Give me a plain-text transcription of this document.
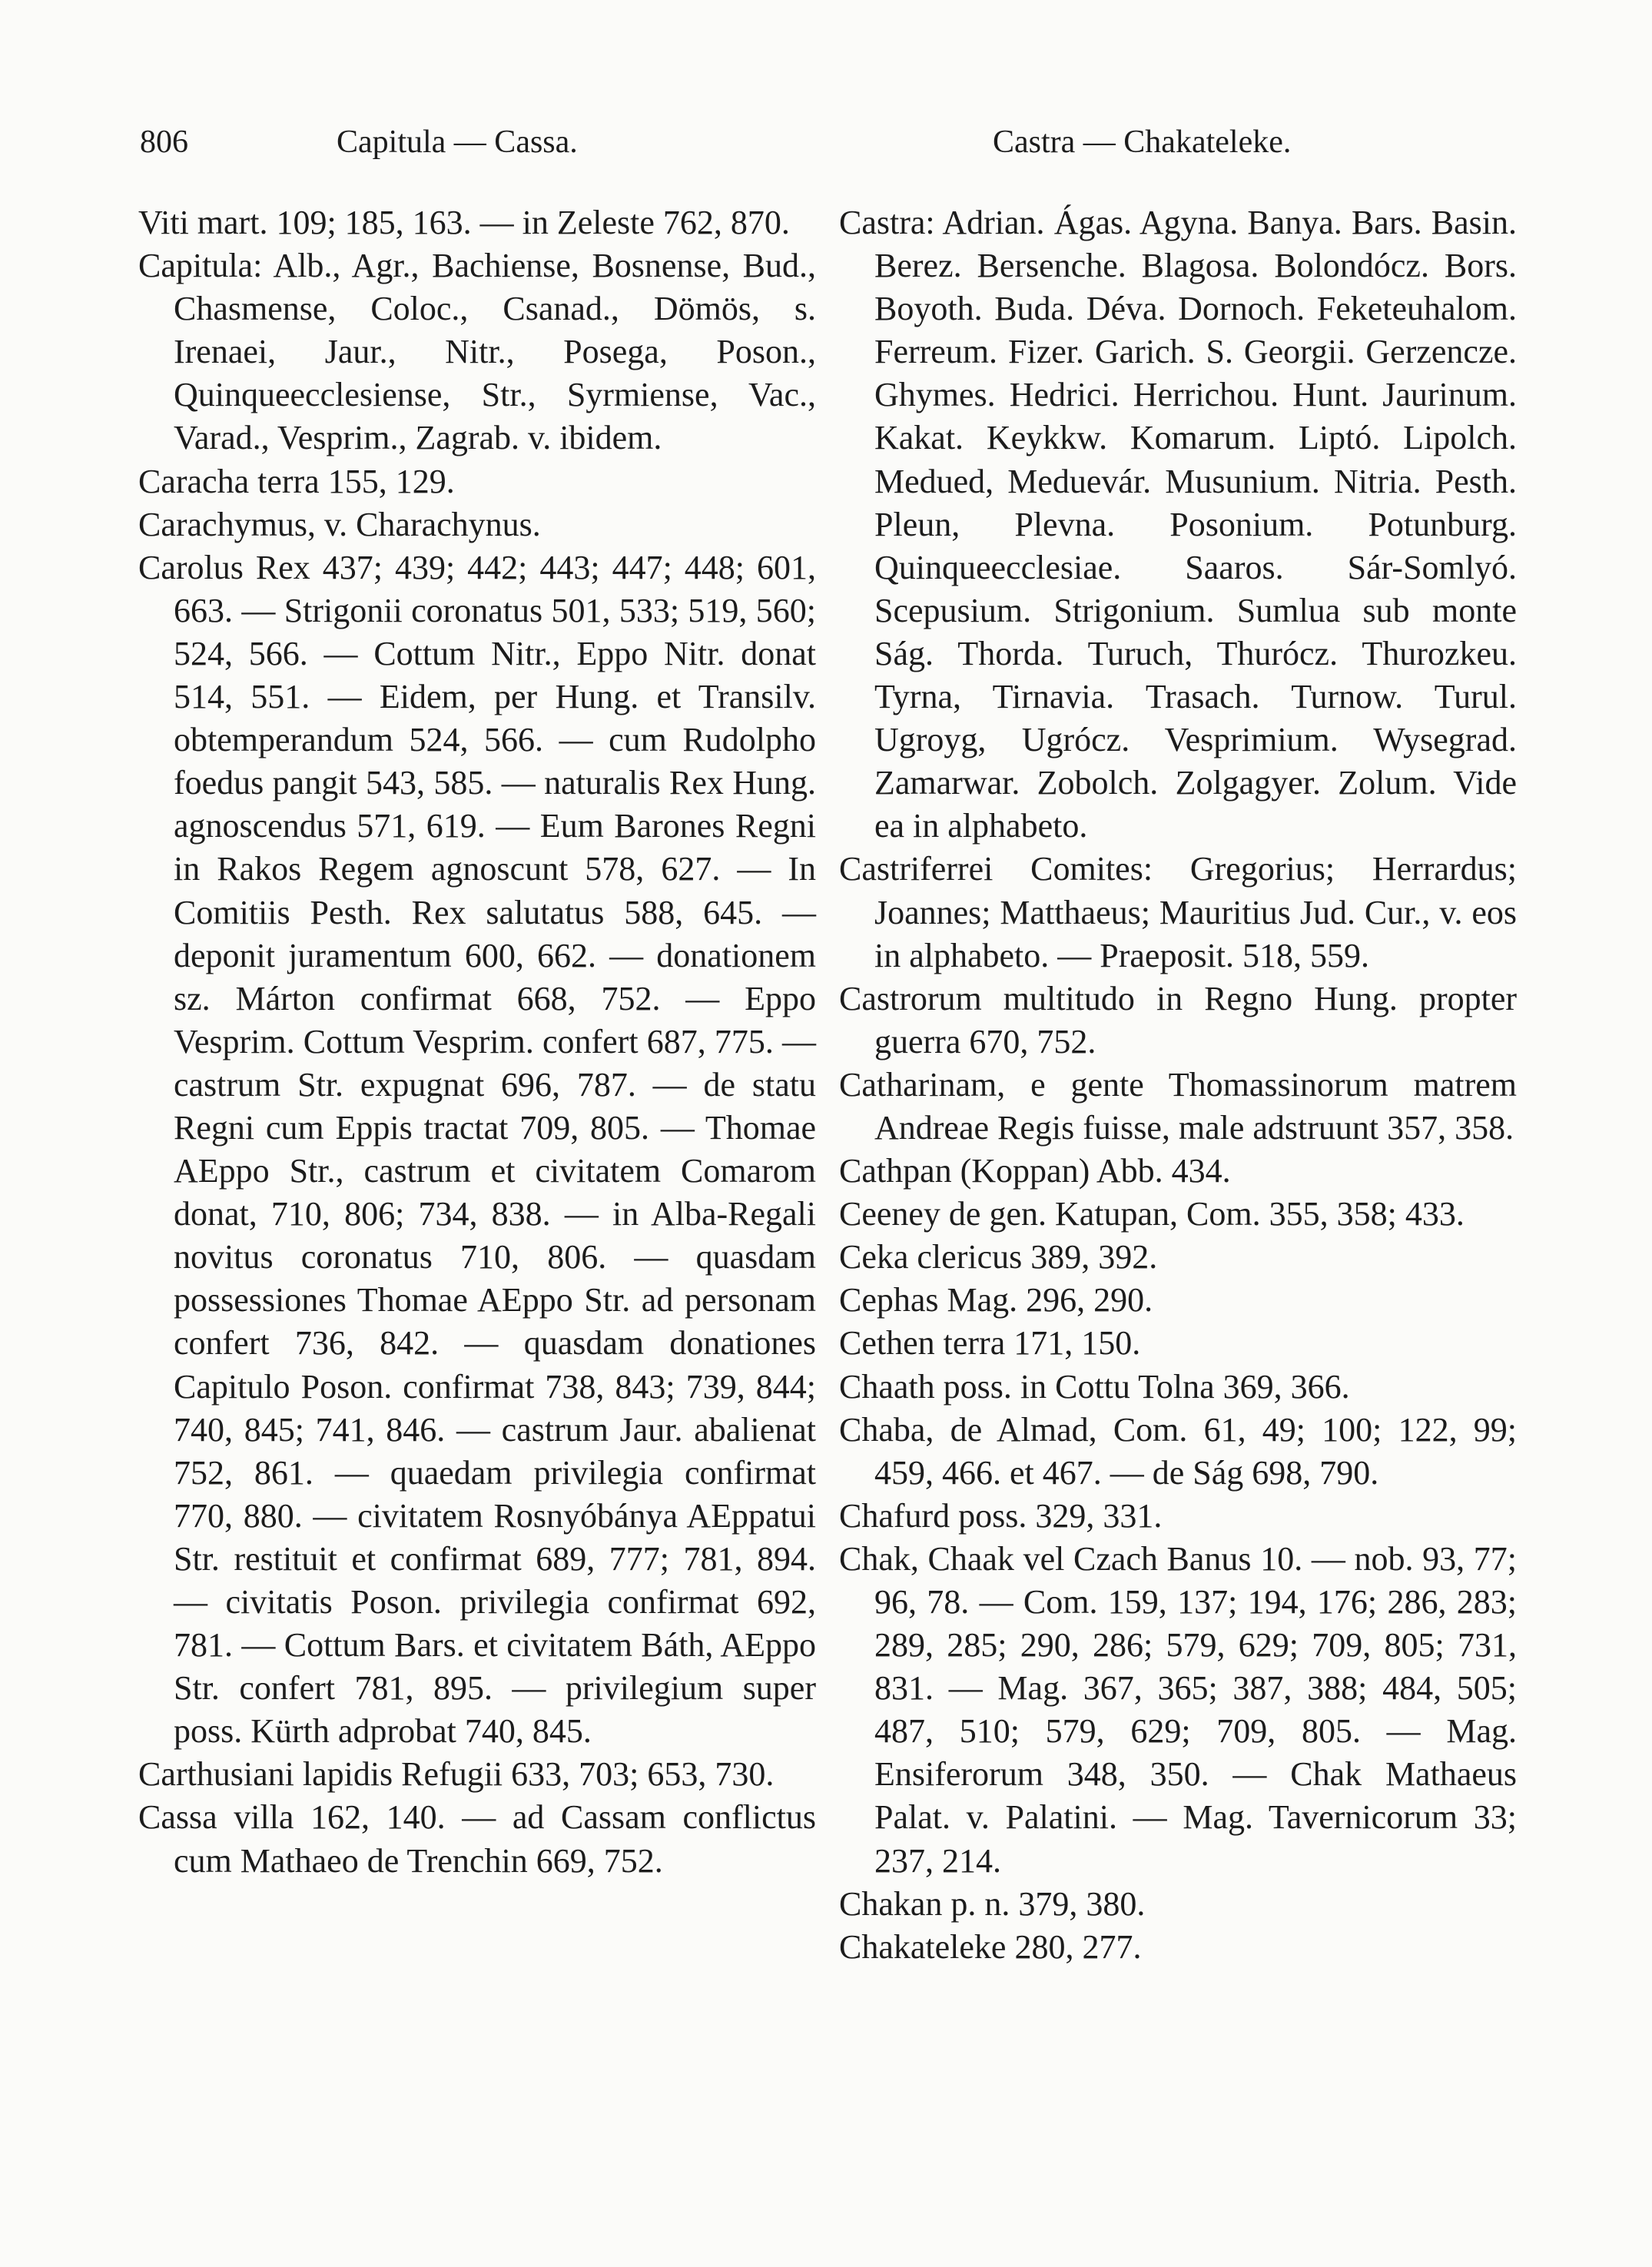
806	Capitula — Cassa.	Castra — Chakateleke.

Viti mart. 109; 185, 163. — in Zeleste 762, 870.

Capitula: Alb., Agr., Bachiense, Bosnense, Bud., Chasmense, Coloc., Csanad., Dömös, s. Irenaei, Jaur., Nitr., Posega, Poson., Quinqueecclesiense, Str., Syrmiense, Vac., Varad., Vesprim., Zagrab. v. ibidem.

Caracha terra 155, 129.

Carachymus, v. Charachynus.

Carolus Rex 437; 439; 442; 443; 447; 448; 601, 663. — Strigonii coronatus 501, 533; 519, 560; 524, 566. — Cottum Nitr., Eppo Nitr. donat 514, 551. — Eidem, per Hung. et Transilv. obtemperandum 524, 566. — cum Rudolpho foedus pangit 543, 585. — naturalis Rex Hung. agnoscendus 571, 619. — Eum Barones Regni in Rakos Regem agnoscunt 578, 627. — In Comitiis Pesth. Rex salutatus 588, 645. — deponit juramentum 600, 662. — donationem sz. Márton confirmat 668, 752. — Eppo Vesprim. Cottum Vesprim. confert 687, 775. — castrum Str. expugnat 696, 787. — de statu Regni cum Eppis tractat 709, 805. — Thomae AEppo Str., castrum et civitatem Comarom donat, 710, 806; 734, 838. — in Alba-Regali novitus coronatus 710, 806. — quasdam possessiones Thomae AEppo Str. ad personam confert 736, 842. — quasdam donationes Capitulo Poson. confirmat 738, 843; 739, 844; 740, 845; 741, 846. — castrum Jaur. abalienat 752, 861. — quaedam privilegia confirmat 770, 880. — civitatem Rosnyóbánya AEppatui Str. restituit et confirmat 689, 777; 781, 894. — civitatis Poson. privilegia confirmat 692, 781. — Cottum Bars. et civitatem Báth, AEppo Str. confert 781, 895. — privilegium super poss. Kürth adprobat 740, 845.

Carthusiani lapidis Refugii 633, 703; 653, 730.

Cassa villa 162, 140. — ad Cassam conflictus cum Mathaeo de Trenchin 669, 752.

Castra: Adrian. Ágas. Agyna. Banya. Bars. Basin. Berez. Bersenche. Blagosa. Bolondócz. Bors. Boyoth. Buda. Déva. Dornoch. Feketeuhalom. Ferreum. Fizer. Garich. S. Georgii. Gerzencze. Ghymes. Hedrici. Herrichou. Hunt. Jaurinum. Kakat. Keykkw. Komarum. Liptó. Lipolch. Medued, Meduevár. Musunium. Nitria. Pesth. Pleun, Plevna. Posonium. Potunburg. Quinqueecclesiae. Saaros. Sár-Somlyó. Scepusium. Strigonium. Sumlua sub monte Ság. Thorda. Turuch, Thurócz. Thurozkeu. Tyrna, Tirnavia. Trasach. Turnow. Turul. Ugroyg, Ugrócz. Vesprimium. Wysegrad. Zamarwar. Zobolch. Zolgagyer. Zolum. Vide ea in alphabeto.

Castriferrei Comites: Gregorius; Herrardus; Joannes; Matthaeus; Mauritius Jud. Cur., v. eos in alphabeto. — Praeposit. 518, 559.

Castrorum multitudo in Regno Hung. propter guerra 670, 752.

Catharinam, e gente Thomassinorum matrem Andreae Regis fuisse, male adstruunt 357, 358.

Cathpan (Koppan) Abb. 434.

Ceeney de gen. Katupan, Com. 355, 358; 433.

Ceka clericus 389, 392.

Cephas Mag. 296, 290.

Cethen terra 171, 150.

Chaath poss. in Cottu Tolna 369, 366.

Chaba, de Almad, Com. 61, 49; 100; 122, 99; 459, 466. et 467. — de Ság 698, 790.

Chafurd poss. 329, 331.

Chak, Chaak vel Czach Banus 10. — nob. 93, 77; 96, 78. — Com. 159, 137; 194, 176; 286, 283; 289, 285; 290, 286; 579, 629; 709, 805; 731, 831. — Mag. 367, 365; 387, 388; 484, 505; 487, 510; 579, 629; 709, 805. — Mag. Ensiferorum 348, 350. — Chak Mathaeus Palat. v. Palatini. — Mag. Tavernicorum 33; 237, 214.

Chakan p. n. 379, 380.

Chakateleke 280, 277.
